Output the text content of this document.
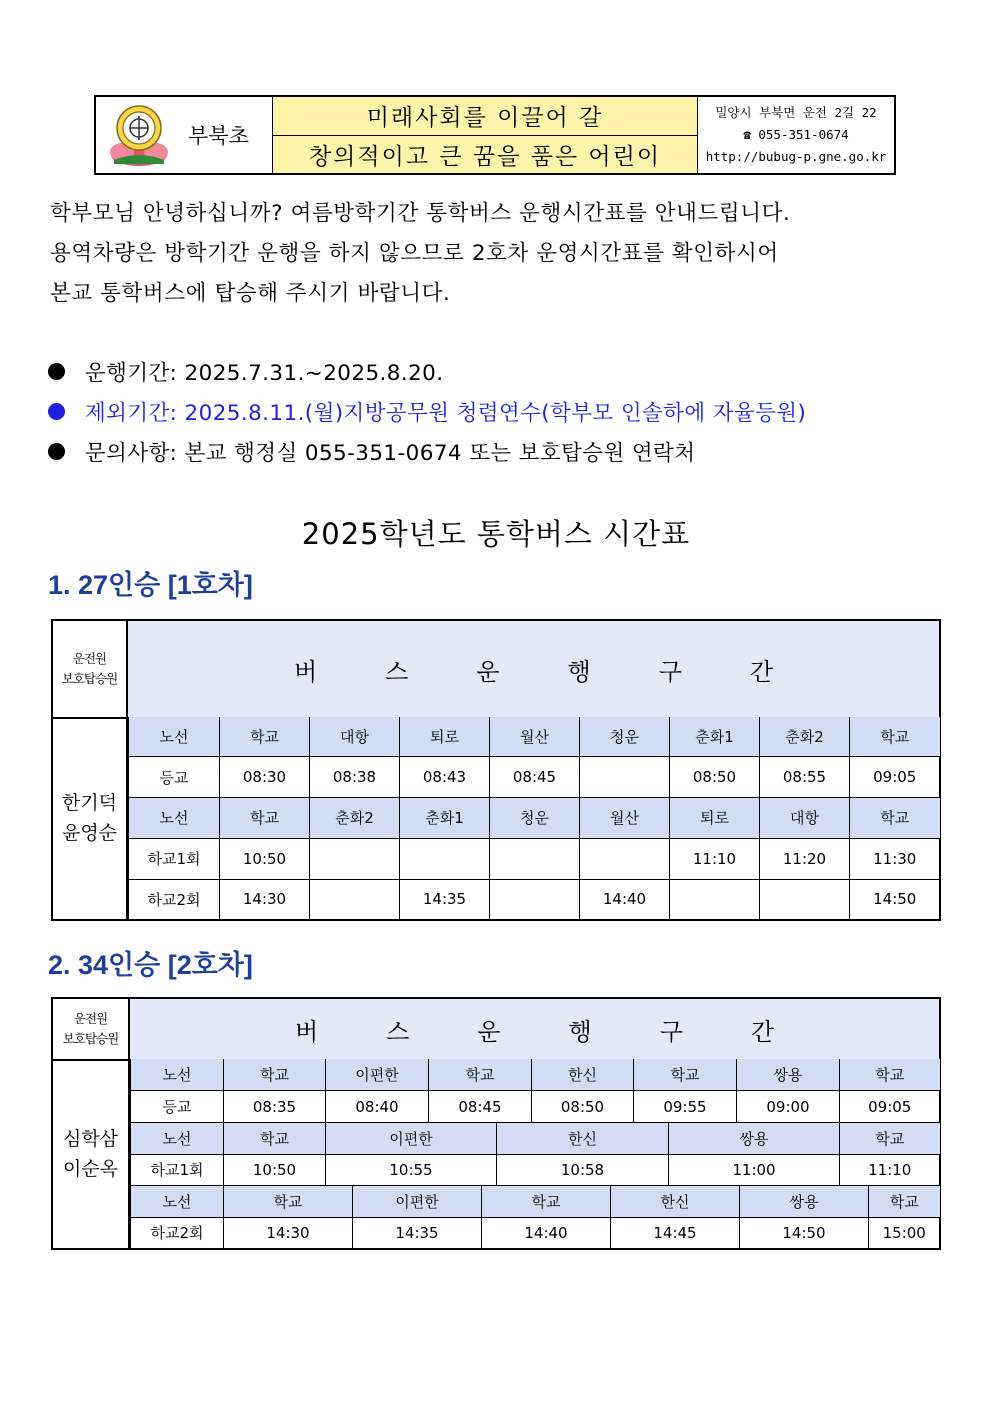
부북초
미래사회를 이끌어 갈
창의적이고 큰 꿈을 품은 어린이
밀양시 부북면 운전 2길 22
☎ 055-351-0674
http://bubug-p.gne.go.kr
학부모님 안녕하십니까? 여름방학기간 통학버스 운행시간표를 안내드립니다.
용역차량은 방학기간 운행을 하지 않으므로 2호차 운영시간표를 확인하시어
본교 통학버스에 탑승해 주시기 바랍니다.
운행기간: 2025.7.31.~2025.8.20.
제외기간: 2025.8.11.(월)지방공무원 청렴연수(학부모 인솔하에 자율등원)
문의사항: 본교 행정실 055-351-0674 또는 보호탑승원 연락처
2025학년도 통학버스 시간표
1. 27인승 [1호차]
운전원
보호탑승원	버	스	운	행	구	간
한기덕
윤영순
노선	학교	대항	퇴로	월산	청운	춘화1	춘화2	학교
등교	08:30	08:38	08:43	08:45		08:50	08:55	09:05
노선	학교	춘화2	춘화1	청운	월산	퇴로	대항	학교
하교1회	10:50					11:10	11:20	11:30
하교2회	14:30		14:35		14:40			14:50
2. 34인승 [2호차]
운전원
보호탑승원	버	스	운	행	구	간
심학삼
이순옥
노선	학교	이편한	학교	한신	학교	쌍용	학교
등교	08:35	08:40	08:45	08:50	09:55	09:00	09:05
노선	학교	이편한	한신	쌍용	학교
하교1회	10:50	10:55	10:58	11:00	11:10
노선	학교	이편한	학교	한신	쌍용	학교
하교2회	14:30	14:35	14:40	14:45	14:50	15:00
